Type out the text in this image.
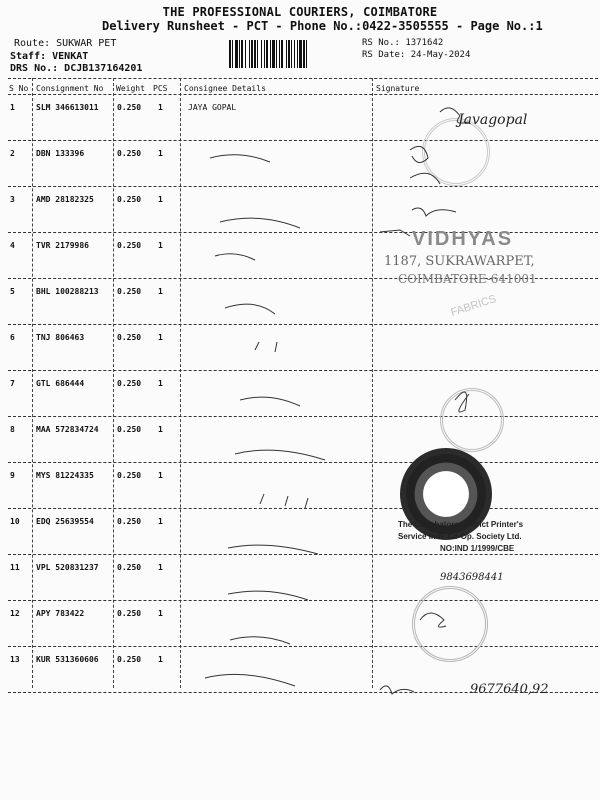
THE PROFESSIONAL COURIERS, COIMBATORE
Delivery Runsheet - PCT - Phone No.:0422-3505555 - Page No.:1
Route: SUKWAR PET
Staff: VENKAT
DRS No.: DCJB137164201
RS No.: 1371642
RS Date: 24-May-2024
S No Consignment No Weight PCS Consignee Details	Signature
1	SLM 346613011 0.250 1	JAYA GOPAL
2	DBN 133396	0.250 1
3	AMD 28182325	0.250 1
4	TVR 2179986	0.250 1
5	BHL 100288213 0.250 1
6	TNJ 806463	0.250 1
7	GTL 686444	0.250 1
8	MAA 572834724 0.250 1
9	MYS 81224335	0.250 1
10 EDQ 25639554	0.250 1
11 VPL 520831237 0.250 1
12 APY 783422	0.250 1
13 KUR 531360606 0.250 1
VIDHYAS
1187, SUKRAWARPET,
COIMBATORE-641001
FABRICS
The Coimbatore District Printer's
Service Indl. Co-Op. Society Ltd.
NO:IND 1/1999/CBE
Javagopal
9843698441
9677640,92
